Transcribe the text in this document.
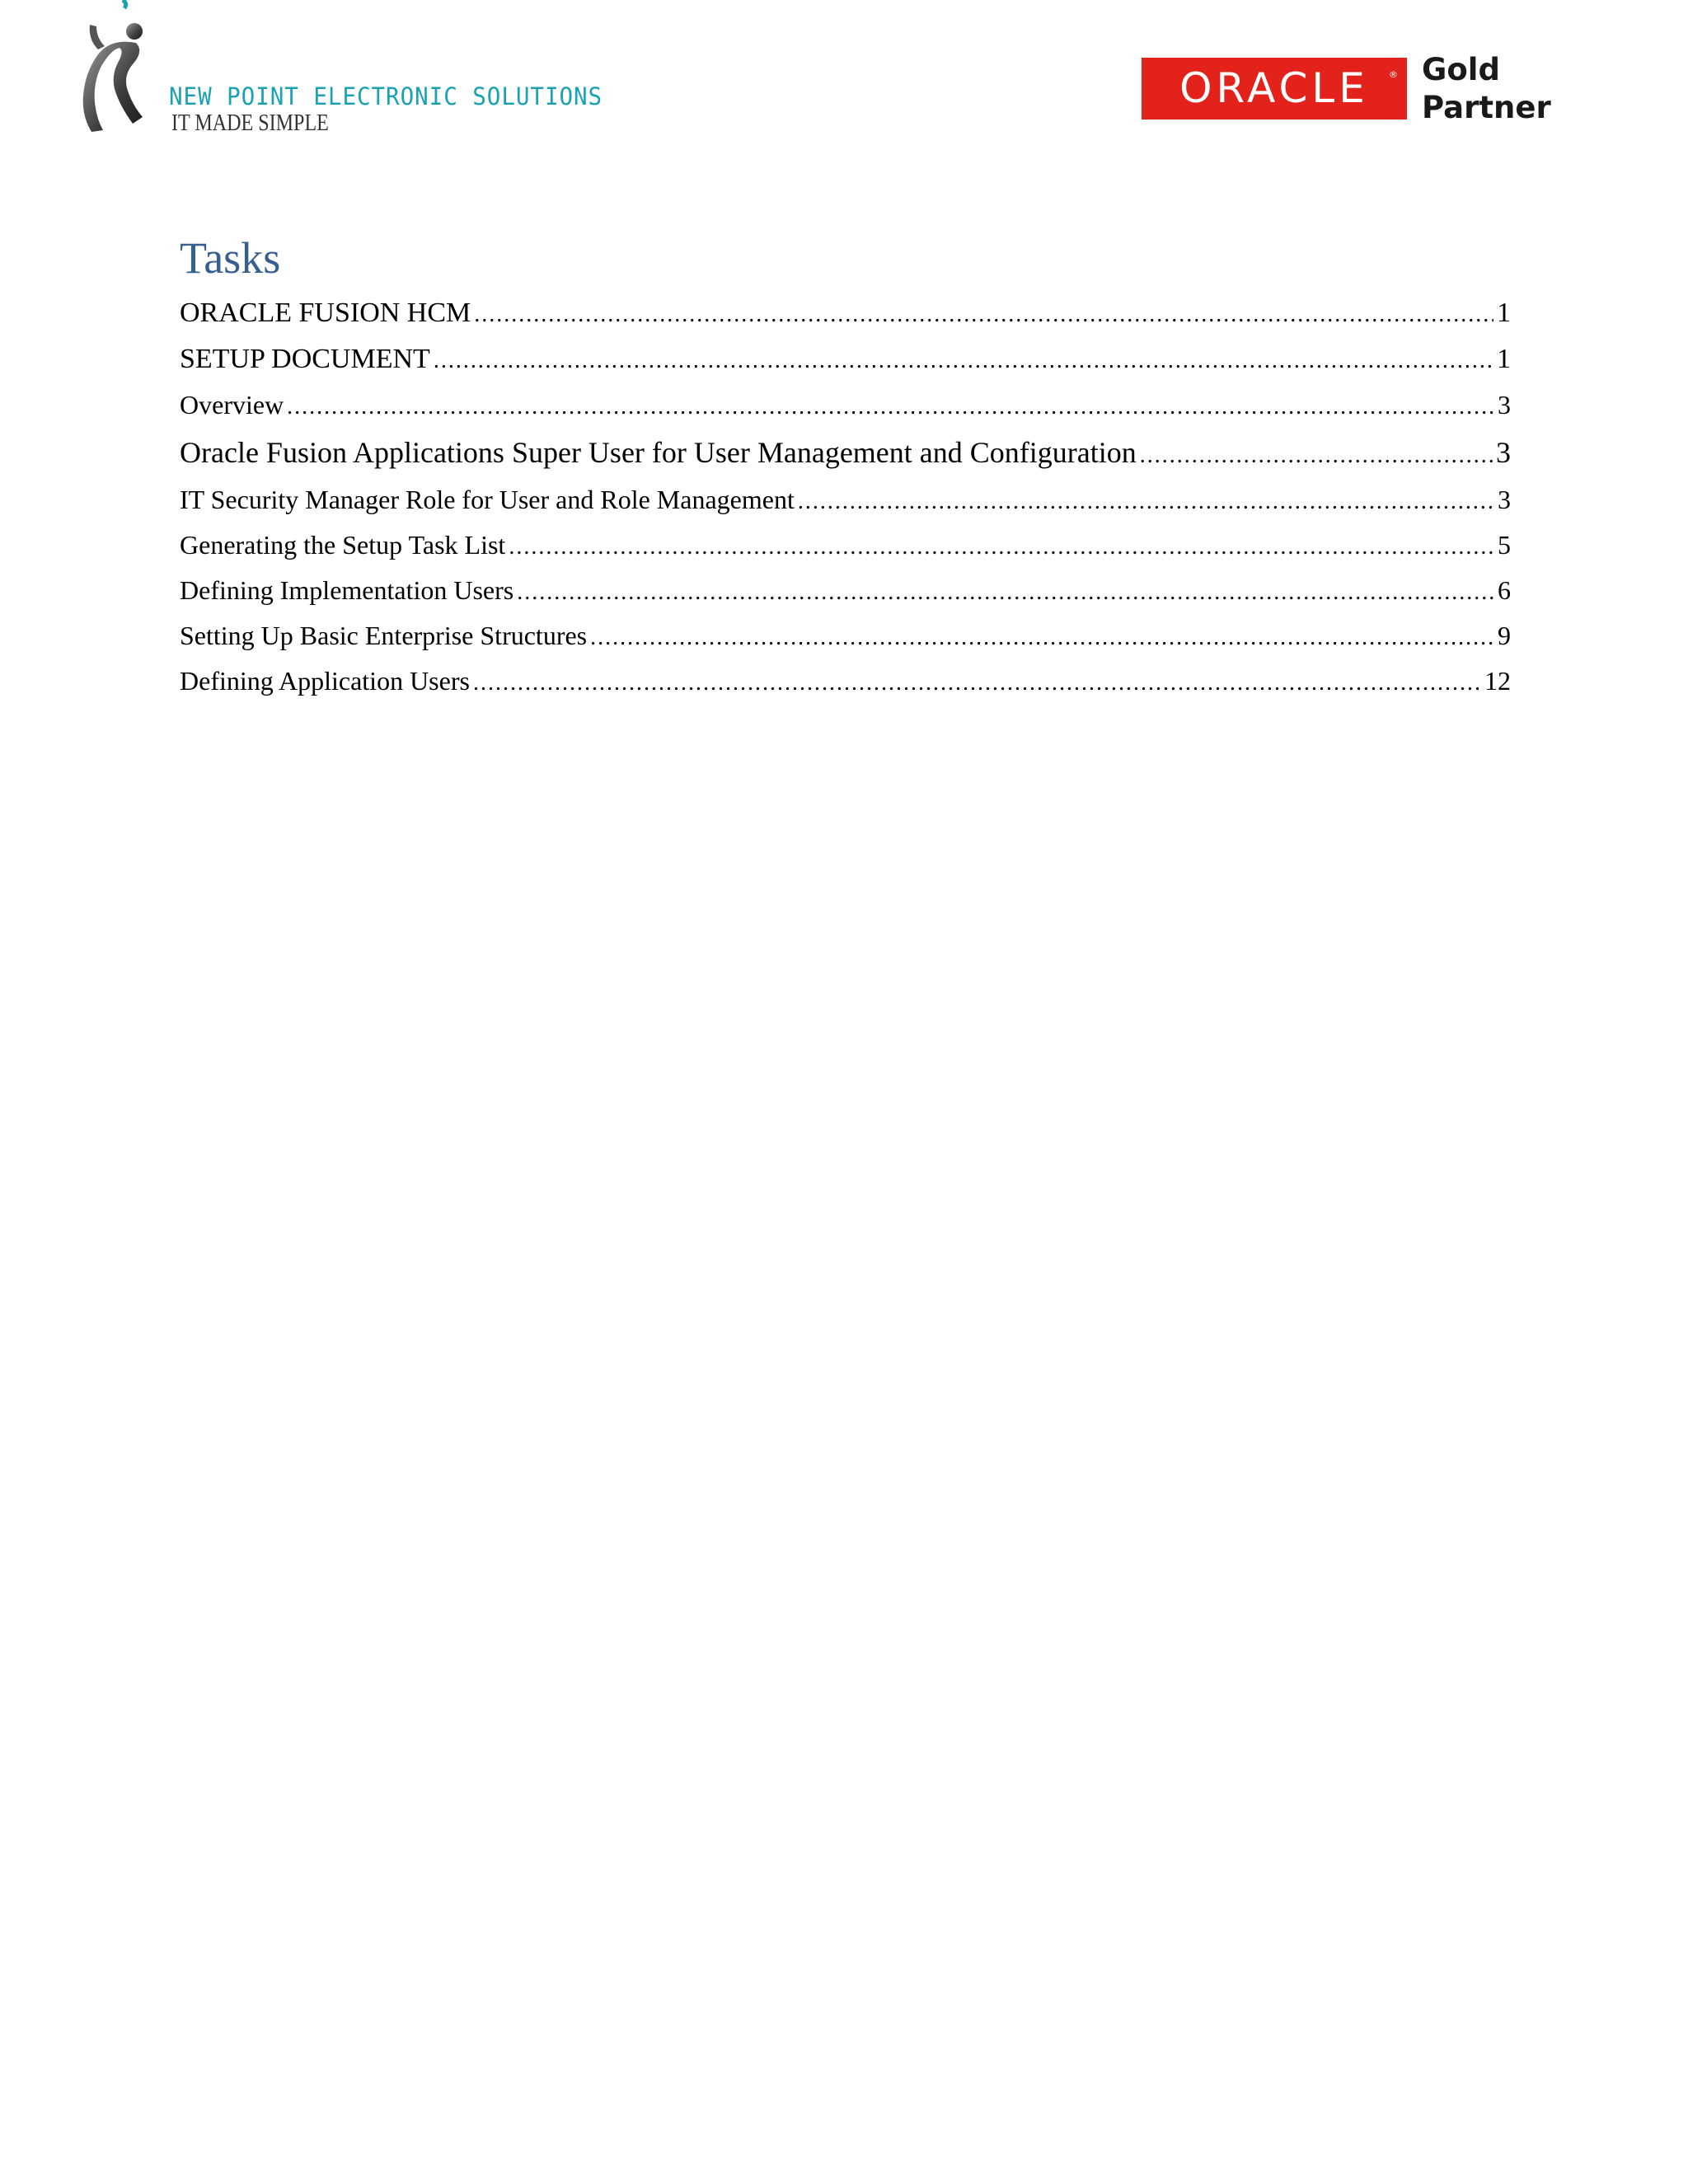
NEW POINT ELECTRONIC SOLUTIONS
IT MADE SIMPLE
ORACLE	® Gold
Partner
Tasks
ORACLE FUSION HCM .....	1
SETUP DOCUMENT .....	1
Overview .....	3
Oracle Fusion Applications Super User for User Management and Configuration .....	3
IT Security Manager Role for User and Role Management .....	3
Generating the Setup Task List .....	5
Defining Implementation Users .....	6
Setting Up Basic Enterprise Structures .....	9
Defining Application Users .....	12
